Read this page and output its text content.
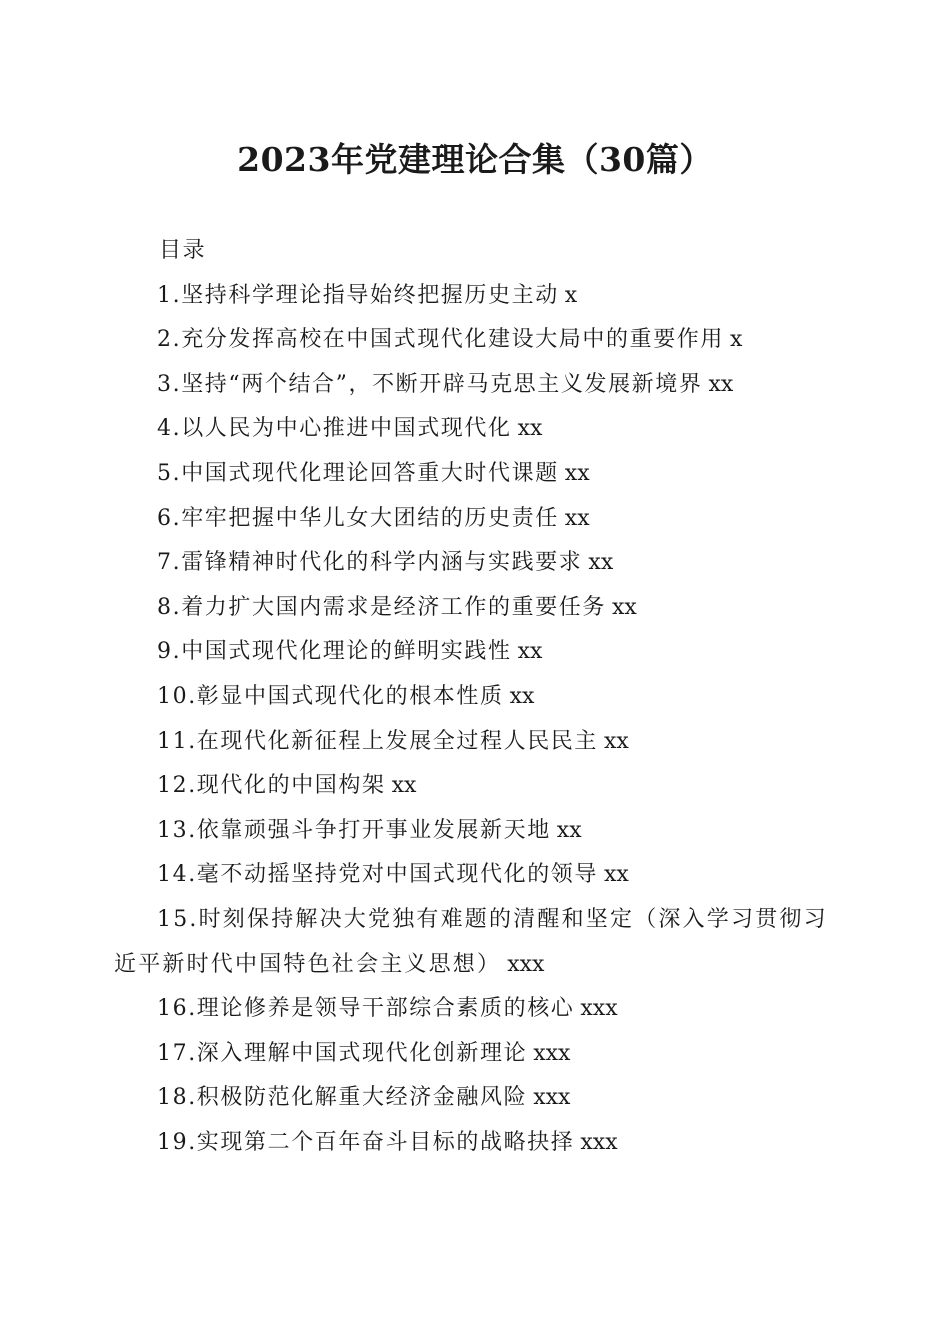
2023年党建理论合集（30篇）
目录
1.坚持科学理论指导始终把握历史主动 x
2.充分发挥高校在中国式现代化建设大局中的重要作用 x
3.坚持“两个结合”，不断开辟马克思主义发展新境界 xx
4.以人民为中心推进中国式现代化 xx
5.中国式现代化理论回答重大时代课题 xx
6.牢牢把握中华儿女大团结的历史责任 xx
7.雷锋精神时代化的科学内涵与实践要求 xx
8.着力扩大国内需求是经济工作的重要任务 xx
9.中国式现代化理论的鲜明实践性 xx
10.彰显中国式现代化的根本性质 xx
11.在现代化新征程上发展全过程人民民主 xx
12.现代化的中国构架 xx
13.依靠顽强斗争打开事业发展新天地 xx
14.毫不动摇坚持党对中国式现代化的领导 xx
15.时刻保持解决大党独有难题的清醒和坚定（深入学习贯彻习近平新时代中国特色社会主义思想） xxx
16.理论修养是领导干部综合素质的核心 xxx
17.深入理解中国式现代化创新理论 xxx
18.积极防范化解重大经济金融风险 xxx
19.实现第二个百年奋斗目标的战略抉择 xxx
